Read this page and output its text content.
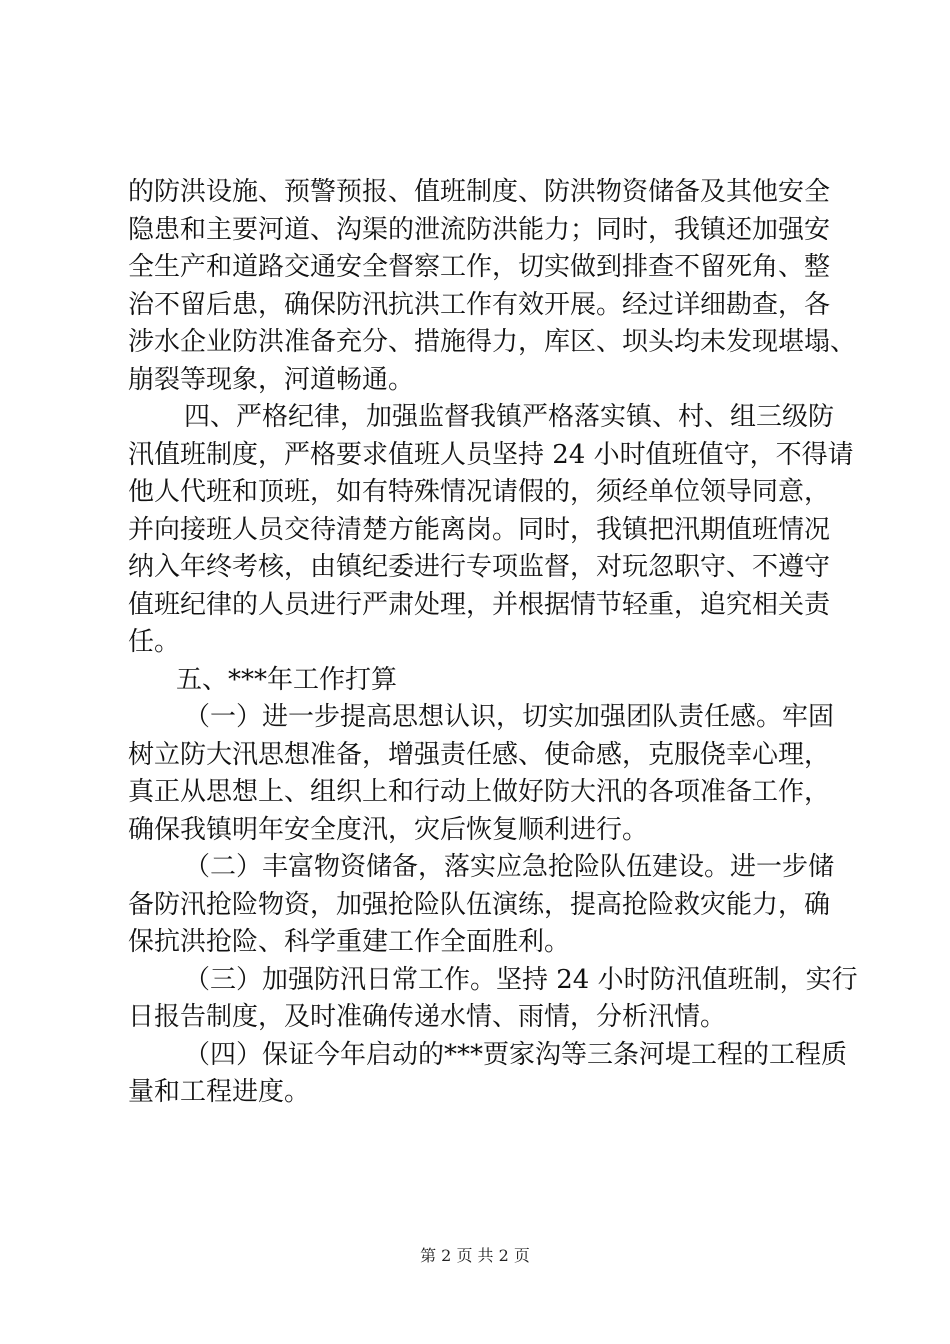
的防洪设施、预警预报、值班制度、防洪物资储备及其他安全
隐患和主要河道、沟渠的泄流防洪能力；同时，我镇还加强安
全生产和道路交通安全督察工作，切实做到排查不留死角、整
治不留后患，确保防汛抗洪工作有效开展。经过详细勘查，各
涉水企业防洪准备充分、措施得力，库区、坝头均未发现堪塌、
崩裂等现象，河道畅通。
四、严格纪律，加强监督我镇严格落实镇、村、组三级防
汛值班制度，严格要求值班人员坚持 24 小时值班值守，不得请
他人代班和顶班，如有特殊情况请假的，须经单位领导同意，
并向接班人员交待清楚方能离岗。同时，我镇把汛期值班情况
纳入年终考核，由镇纪委进行专项监督，对玩忽职守、不遵守
值班纪律的人员进行严肃处理，并根据情节轻重，追究相关责
任。
五、***年工作打算
（一）进一步提高思想认识，切实加强团队责任感。牢固
树立防大汛思想准备，增强责任感、使命感，克服侥幸心理，
真正从思想上、组织上和行动上做好防大汛的各项准备工作，
确保我镇明年安全度汛，灾后恢复顺利进行。
（二）丰富物资储备，落实应急抢险队伍建设。进一步储
备防汛抢险物资，加强抢险队伍演练，提高抢险救灾能力，确
保抗洪抢险、科学重建工作全面胜利。
（三）加强防汛日常工作。坚持 24 小时防汛值班制，实行
日报告制度，及时准确传递水情、雨情，分析汛情。
（四）保证今年启动的***贾家沟等三条河堤工程的工程质
量和工程进度。
第 2 页 共 2 页
